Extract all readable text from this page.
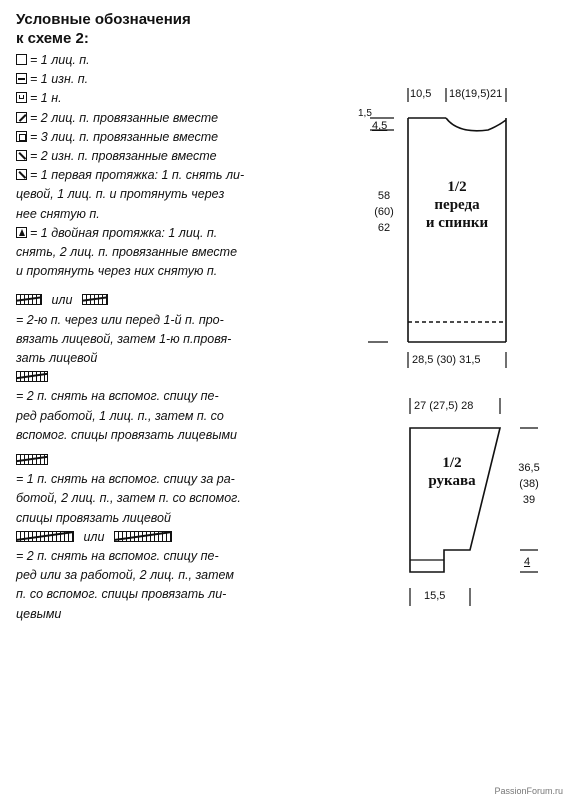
Условные обозначения
к схеме 2:
= 1 лиц. п.
= 1 изн. п.
= 1 н.
= 2 лиц. п. провязанные вместе
= 3 лиц. п. провязанные вместе
= 2 изн. п. провязанные вместе
= 1 первая протяжка: 1 п. снять ли-
цевой, 1 лиц. п. и протянуть через
нее снятую п.
= 1 двойная протяжка: 1 лиц. п.
снять, 2 лиц. п. провязанные вместе
и протянуть через них снятую п.
или
= 2-ю п. через или перед 1-й п. про-
вязать лицевой, затем 1-ю п.провя-
зать лицевой
= 2 п. снять на вспомог. спицу пе-
ред работой, 1 лиц. п., затем п. со
вспомог. спицы провязать лицевыми
= 1 п. снять на вспомог. спицу за ра-
ботой, 2 лиц. п., затем п. со вспомог.
спицы провязать лицевой
или
= 2 п. снять на вспомог. спицу пе-
ред или за работой, 2 лиц. п., затем
п. со вспомог. спицы провязать ли-
цевыми
10,5 18(19,5)21
1,5
4,5
58
(60)
62
28,5 (30) 31,5
1/2
переда
и спинки
27 (27,5) 28
36,5
(38)
39
4
15,5
1/2
рукава
PassionForum.ru
